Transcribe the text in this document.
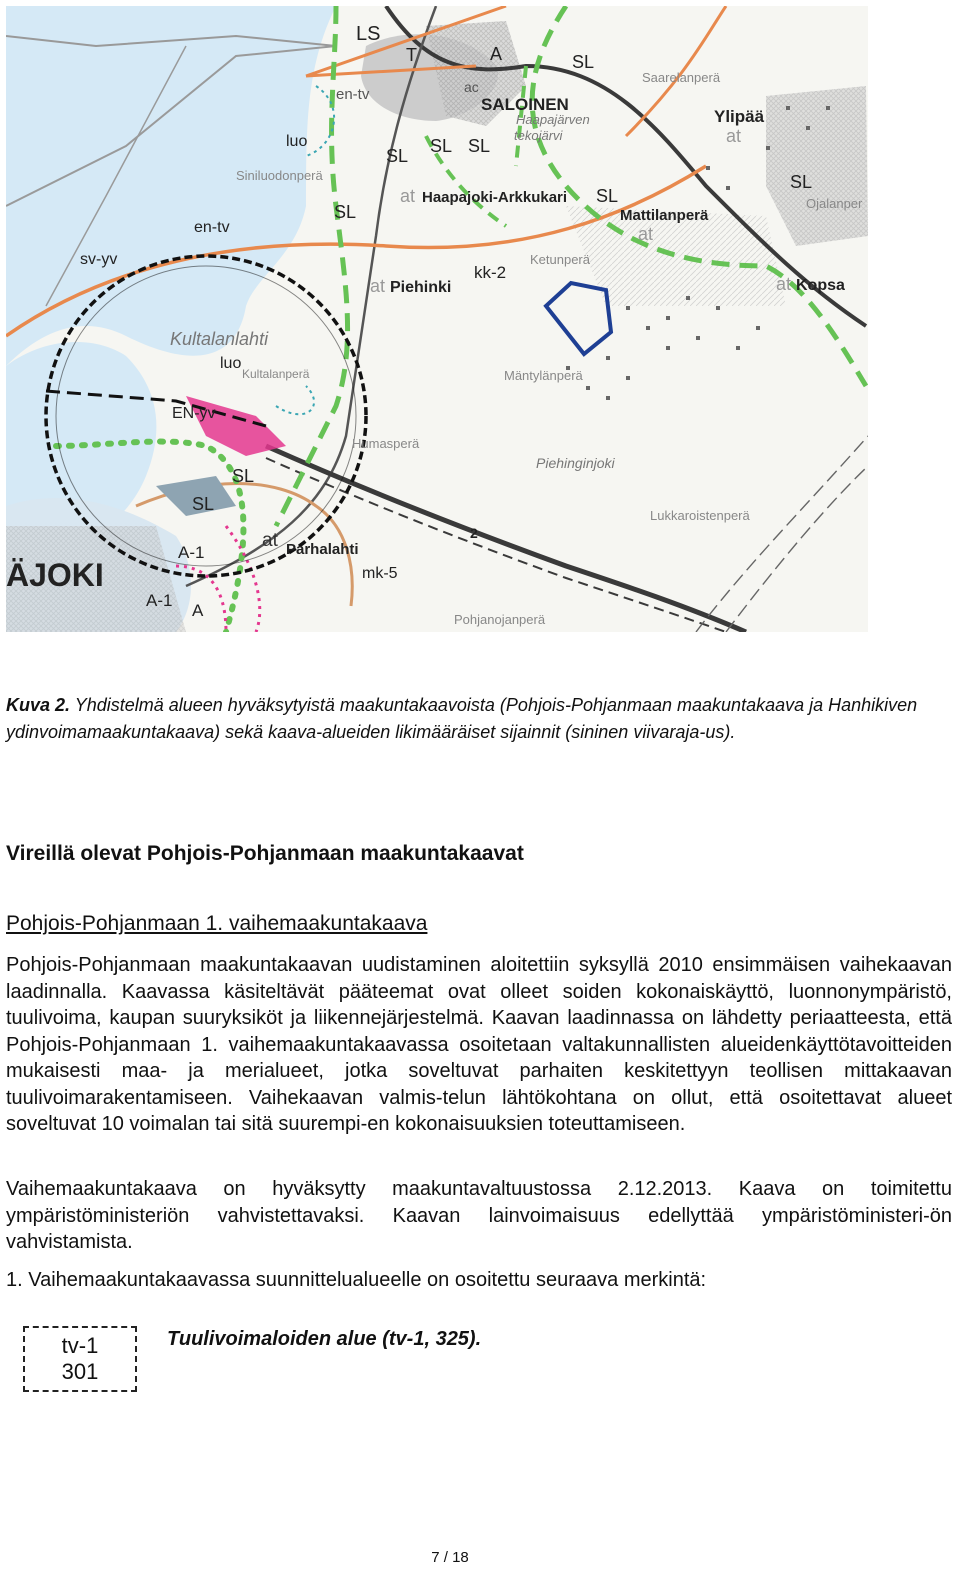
LS
T	A	SL
Saarelanperä
ac
SALOINEN
Haapajärven
tekojärvi
Ylipää
at
SL
en-tv
luo
SL SL SL
Siniluodonperä
SL
at Haapajoki-Arkkukari SL
Mattilanperä
at
Ojalanper
en-tv
sv-yv
at Piehinki
kk-2
Ketunperä
at Kopsa
Kultalanlahti
luo
Kultalanperä	Mäntylänperä
EN-yv
Humasperä
SL
Piehinginjoki
SL
Lukkaroistenperä
at Parhalahti
A-1
ÄJOKI	mk-5
A-1
A	Pohjanojanperä
2

Kuva 2. Yhdistelmä alueen hyväksytyistä maakuntakaavoista (Pohjois-Pohjanmaan maakuntakaava ja Hanhikiven ydinvoimamaakuntakaava) sekä kaava-alueiden likimääräiset sijainnit (sininen viivaraja-us).

Vireillä olevat Pohjois-Pohjanmaan maakuntakaavat
Pohjois-Pohjanmaan 1. vaihemaakuntakaava

Pohjois-Pohjanmaan maakuntakaavan uudistaminen aloitettiin syksyllä 2010 ensimmäisen vaihekaavan laadinnalla. Kaavassa käsiteltävät pääteemat ovat olleet soiden kokonaiskäyttö, luonnonympäristö, tuulivoima, kaupan suuryksiköt ja liikennejärjestelmä. Kaavan laadinnassa on lähdetty periaatteesta, että Pohjois-Pohjanmaan 1. vaihemaakuntakaavassa osoitetaan valtakunnallisten alueidenkäyttötavoitteiden mukaisesti maa- ja merialueet, jotka soveltuvat parhaiten keskitettyyn teollisen mittakaavan tuulivoimarakentamiseen. Vaihekaavan valmis-telun lähtökohtana on ollut, että osoitettavat alueet soveltuvat 10 voimalan tai sitä suurempi-en kokonaisuuksien toteuttamiseen.

Vaihemaakuntakaava on hyväksytty maakuntavaltuustossa 2.12.2013. Kaava on toimitettu ympäristöministeriön vahvistettavaksi. Kaavan lainvoimaisuus edellyttää ympäristöministeri-ön vahvistamista.

1. Vaihemaakuntakaavassa suunnittelualueelle on osoitettu seuraava merkintä:

tv-1
301

Tuulivoimaloiden alue (tv-1, 325).

7 / 18
